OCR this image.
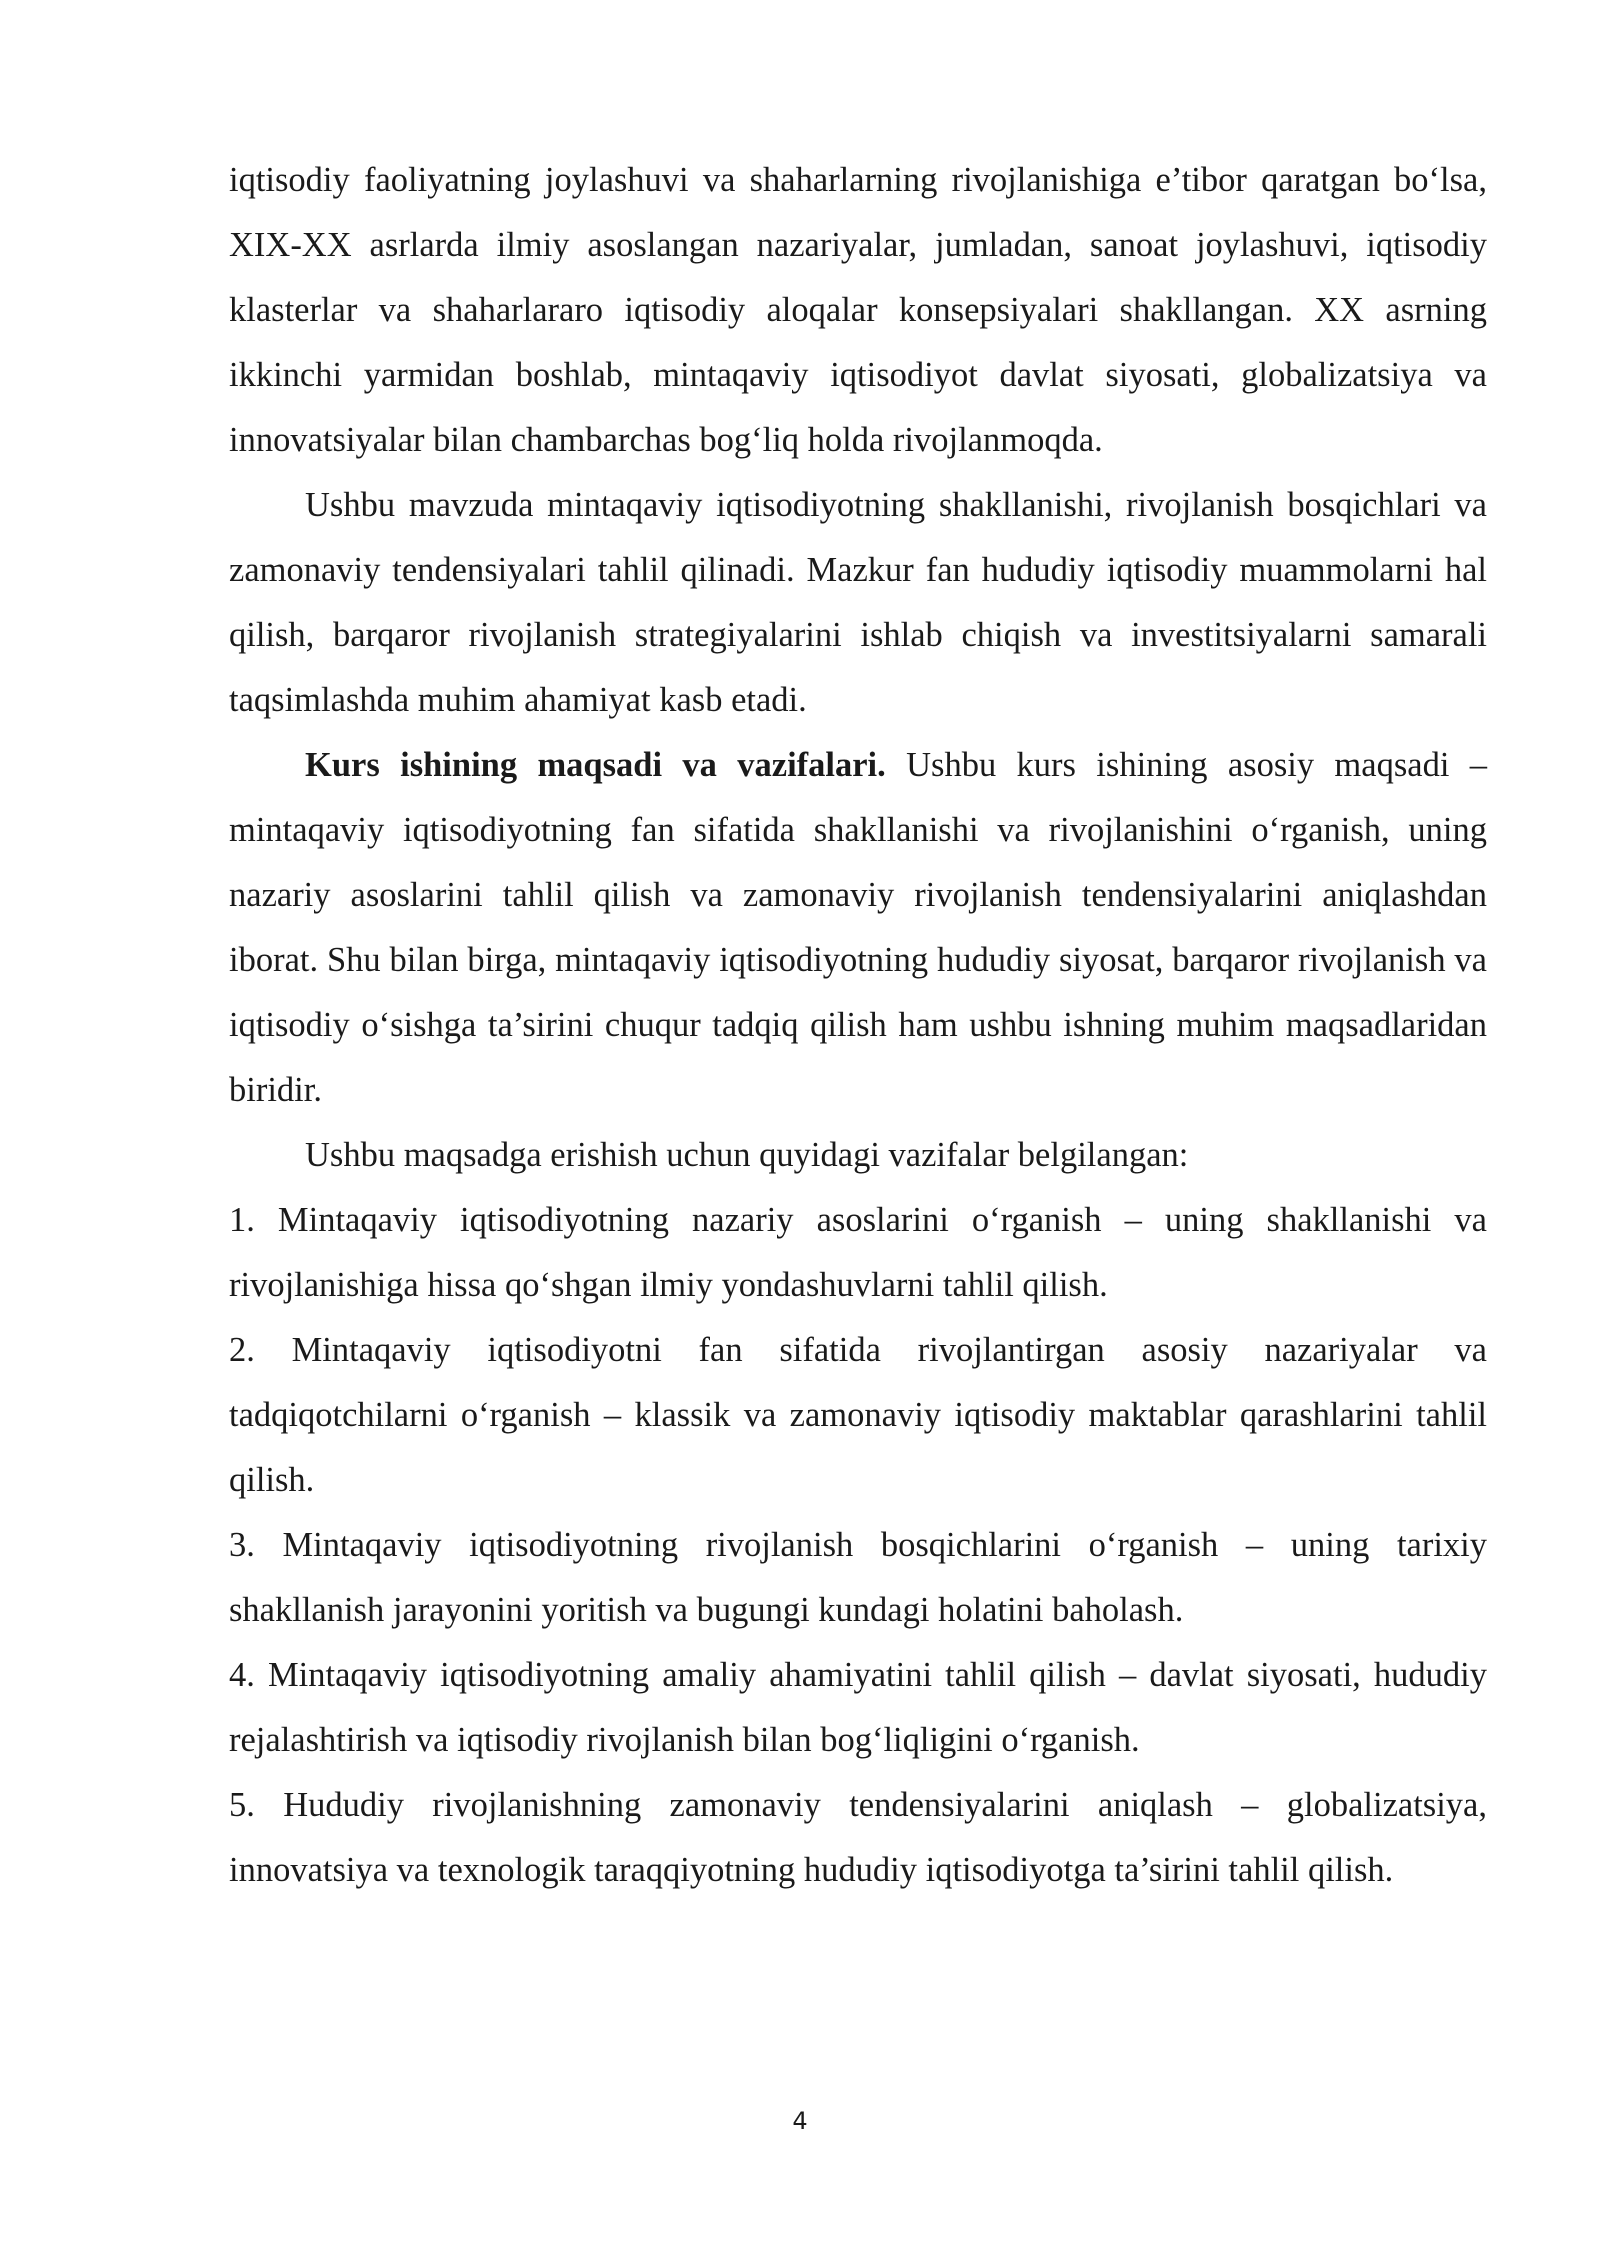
iqtisodiy faoliyatning joylashuvi va shaharlarning rivojlanishiga e’tibor qaratgan bo‘lsa, XIX-XX asrlarda ilmiy asoslangan nazariyalar, jumladan, sanoat joylashuvi, iqtisodiy klasterlar va shaharlararo iqtisodiy aloqalar konsepsiyalari shakllangan. XX asrning ikkinchi yarmidan boshlab, mintaqaviy iqtisodiyot davlat siyosati, globalizatsiya va innovatsiyalar bilan chambarchas bog‘liq holda rivojlanmoqda.

Ushbu mavzuda mintaqaviy iqtisodiyotning shakllanishi, rivojlanish bosqichlari va zamonaviy tendensiyalari tahlil qilinadi. Mazkur fan hududiy iqtisodiy muammolarni hal qilish, barqaror rivojlanish strategiyalarini ishlab chiqish va investitsiyalarni samarali taqsimlashda muhim ahamiyat kasb etadi.

Kurs ishining maqsadi va vazifalari. Ushbu kurs ishining asosiy maqsadi – mintaqaviy iqtisodiyotning fan sifatida shakllanishi va rivojlanishini o‘rganish, uning nazariy asoslarini tahlil qilish va zamonaviy rivojlanish tendensiyalarini aniqlashdan iborat. Shu bilan birga, mintaqaviy iqtisodiyotning hududiy siyosat, barqaror rivojlanish va iqtisodiy o‘sishga ta’sirini chuqur tadqiq qilish ham ushbu ishning muhim maqsadlaridan biridir.

Ushbu maqsadga erishish uchun quyidagi vazifalar belgilangan:

1. Mintaqaviy iqtisodiyotning nazariy asoslarini o‘rganish – uning shakllanishi va rivojlanishiga hissa qo‘shgan ilmiy yondashuvlarni tahlil qilish.

2. Mintaqaviy iqtisodiyotni fan sifatida rivojlantirgan asosiy nazariyalar va tadqiqotchilarni o‘rganish – klassik va zamonaviy iqtisodiy maktablar qarashlarini tahlil qilish.

3. Mintaqaviy iqtisodiyotning rivojlanish bosqichlarini o‘rganish – uning tarixiy shakllanish jarayonini yoritish va bugungi kundagi holatini baholash.

4. Mintaqaviy iqtisodiyotning amaliy ahamiyatini tahlil qilish – davlat siyosati, hududiy rejalashtirish va iqtisodiy rivojlanish bilan bog‘liqligini o‘rganish.

5. Hududiy rivojlanishning zamonaviy tendensiyalarini aniqlash – globalizatsiya, innovatsiya va texnologik taraqqiyotning hududiy iqtisodiyotga ta’sirini tahlil qilish.

4
